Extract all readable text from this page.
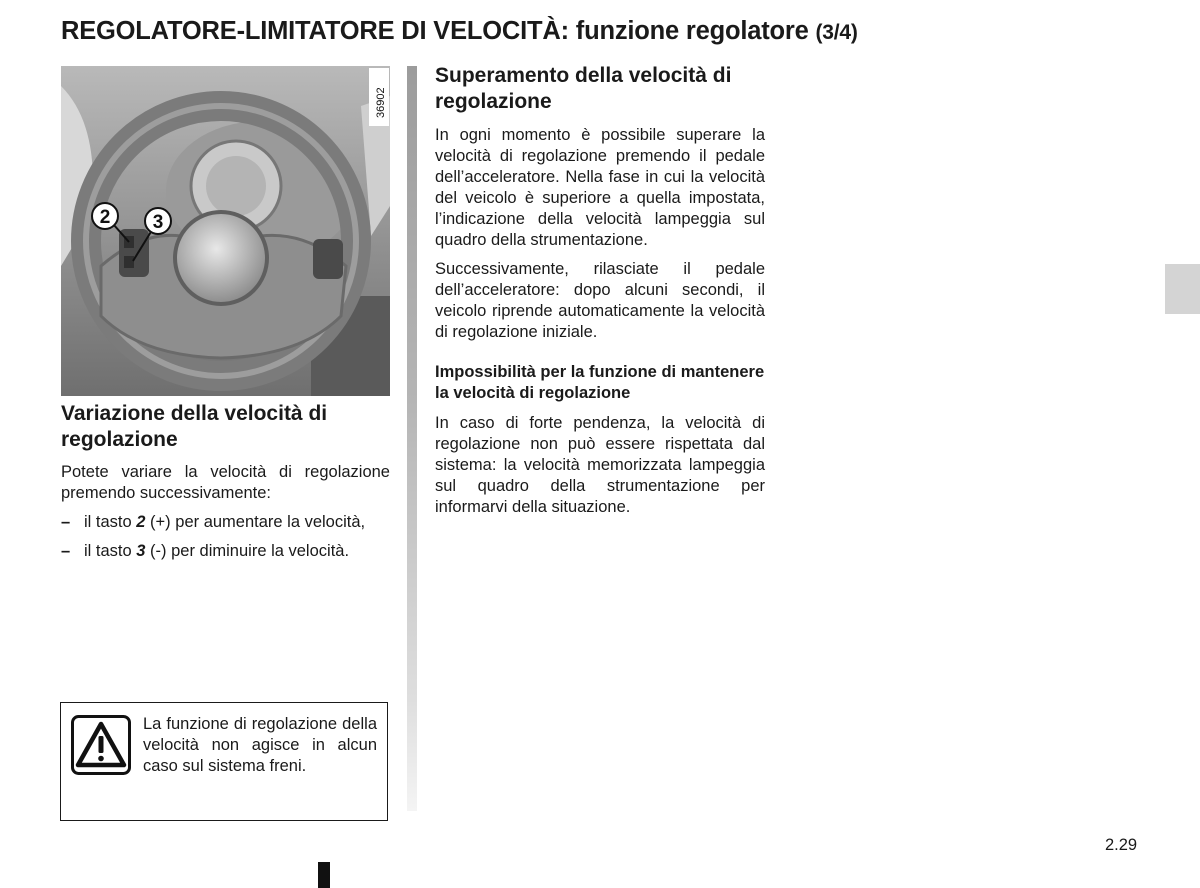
REGOLATORE-LIMITATORE DI VELOCITÀ: funzione regolatore (3/4)
2 3
36902

Variazione della velocità di regolazione

Potete variare la velocità di regolazione premendo successivamente:

– il tasto 2 (+) per aumentare la velocità,
– il tasto 3 (-) per diminuire la velocità.
La funzione di regolazione della velocità non agisce in alcun caso sul sistema freni.

Superamento della velocità di regolazione

In ogni momento è possibile superare la velocità di regolazione premendo il pedale dell’acceleratore. Nella fase in cui la velocità del veicolo è superiore a quella impostata, l’indicazione della velocità lampeggia sul quadro della strumentazione.

Successivamente, rilasciate il pedale dell’acceleratore: dopo alcuni secondi, il veicolo riprende automaticamente la velocità di regolazione iniziale.

Impossibilità per la funzione di mantenere la velocità di regolazione

In caso di forte pendenza, la velocità di regolazione non può essere rispettata dal sistema: la velocità memorizzata lampeggia sul quadro della strumentazione per informarvi della situazione.

2.29
